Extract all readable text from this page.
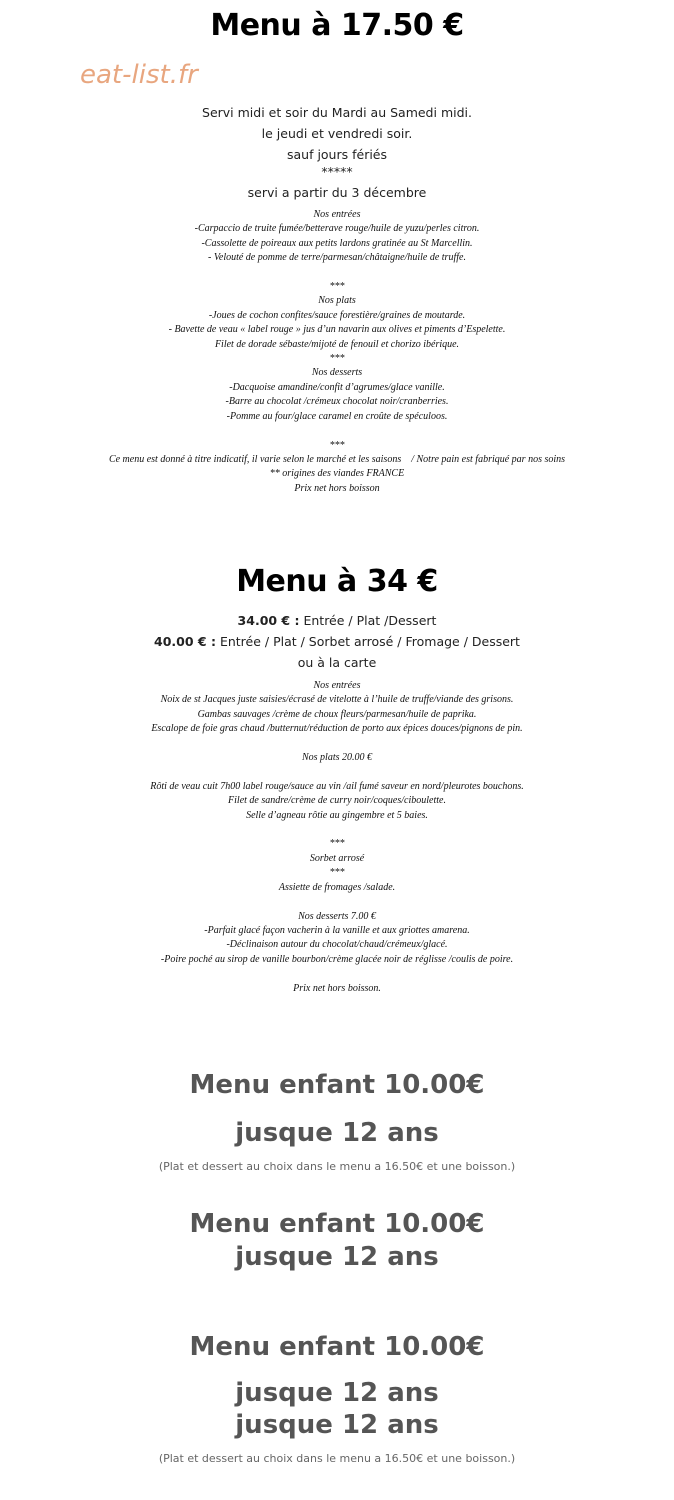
eat-list.fr
Menu à 17.50 €
Servi midi et soir du Mardi au Samedi midi.
le jeudi et vendredi soir.
sauf jours fériés
*****
servi a partir du 3 décembre
Nos entrées
-Carpaccio de truite fumée/betterave rouge/huile de yuzu/perles citron.
-Cassolette de poireaux aux petits lardons gratinée au St Marcellin.
- Velouté de pomme de terre/parmesan/châtaigne/huile de truffe.

***
Nos plats
-Joues de cochon confites/sauce forestière/graines de moutarde.
- Bavette de veau « label rouge » jus d’un navarin aux olives et piments d’Espelette.
Filet de dorade sébaste/mijoté de fenouil et chorizo ibérique.
***
Nos desserts
-Dacquoise amandine/confit d’agrumes/glace vanille.
-Barre au chocolat /crémeux chocolat noir/cranberries.
-Pomme au four/glace caramel en croûte de spéculoos.

***
Ce menu est donné à titre indicatif, il varie selon le marché et les saisons    / Notre pain est fabriqué par nos soins
** origines des viandes FRANCE
Prix net hors boisson
Menu à 34 €
34.00 € : Entrée / Plat /Dessert
40.00 € : Entrée / Plat / Sorbet arrosé / Fromage / Dessert
ou à la carte
Nos entrées
Noix de st Jacques juste saisies/écrasé de vitelotte à l’huile de truffe/viande des grisons.
Gambas sauvages /crème de choux fleurs/parmesan/huile de paprika.
Escalope de foie gras chaud /butternut/réduction de porto aux épices douces/pignons de pin.

Nos plats 20.00 €

Rôti de veau cuit 7h00 label rouge/sauce au vin /ail fumé saveur en nord/pleurotes bouchons.
Filet de sandre/crème de curry noir/coques/ciboulette.
Selle d’agneau rôtie au gingembre et 5 baies.

***
Sorbet arrosé
***
Assiette de fromages /salade.

Nos desserts 7.00 €
-Parfait glacé façon vacherin à la vanille et aux griottes amarena.
-Déclinaison autour du chocolat/chaud/crémeux/glacé.
-Poire poché au sirop de vanille bourbon/crème glacée noir de réglisse /coulis de poire.

Prix net hors boisson.
Menu enfant 10.00€
jusque 12 ans
(Plat et dessert au choix dans le menu a 16.50€ et une boisson.)
Menu enfant 10.00€
jusque 12 ans
Menu enfant 10.00€
jusque 12 ans
jusque 12 ans
(Plat et dessert au choix dans le menu a 16.50€ et une boisson.)
